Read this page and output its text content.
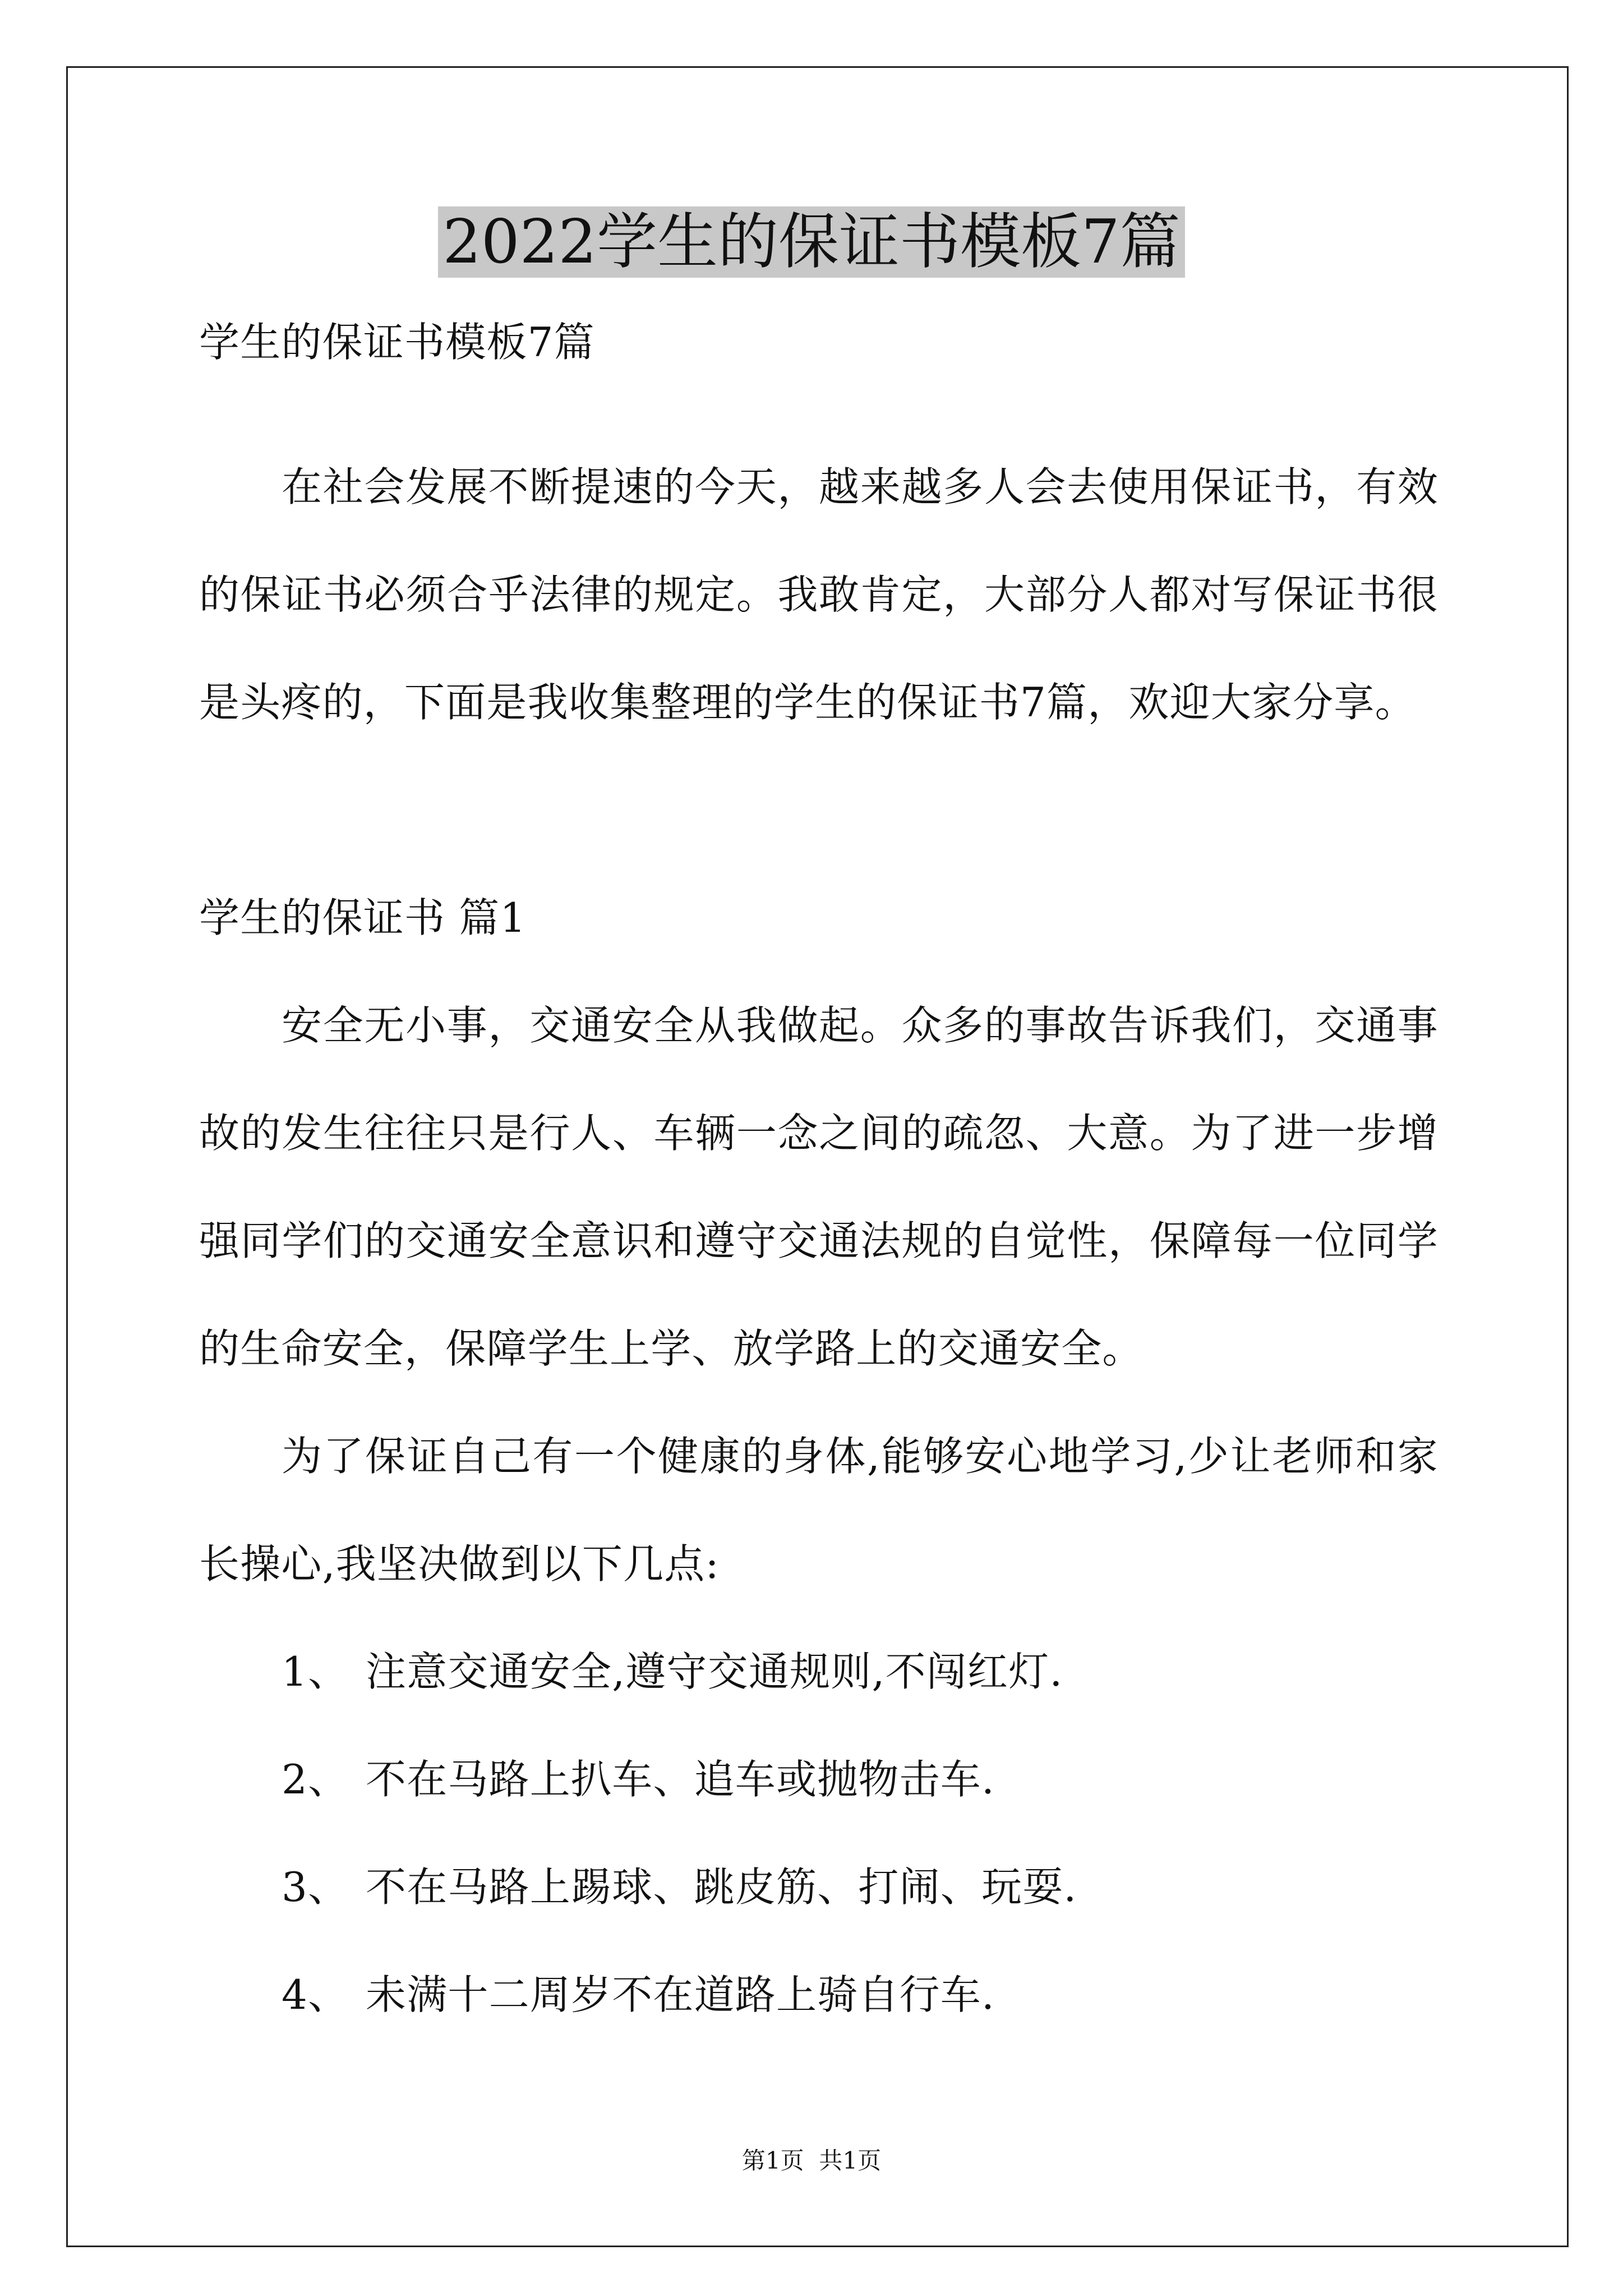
2022学生的保证书模板7篇
学生的保证书模板7篇
在社会发展不断提速的今天，越来越多人会去使用保证书，有效
的保证书必须合乎法律的规定。我敢肯定，大部分人都对写保证书很
是头疼的，下面是我收集整理的学生的保证书7篇，欢迎大家分享。
学生的保证书 篇1
安全无小事，交通安全从我做起。众多的事故告诉我们，交通事
故的发生往往只是行人、车辆一念之间的疏忽、大意。为了进一步增
强同学们的交通安全意识和遵守交通法规的自觉性，保障每一位同学
的生命安全，保障学生上学、放学路上的交通安全。
为了保证自己有一个健康的身体,能够安心地学习,少让老师和家
长操心,我坚决做到以下几点:
1、 注意交通安全,遵守交通规则,不闯红灯.
2、 不在马路上扒车、追车或抛物击车.
3、 不在马路上踢球、跳皮筋、打闹、玩耍.
4、 未满十二周岁不在道路上骑自行车.
第1页  共1页
